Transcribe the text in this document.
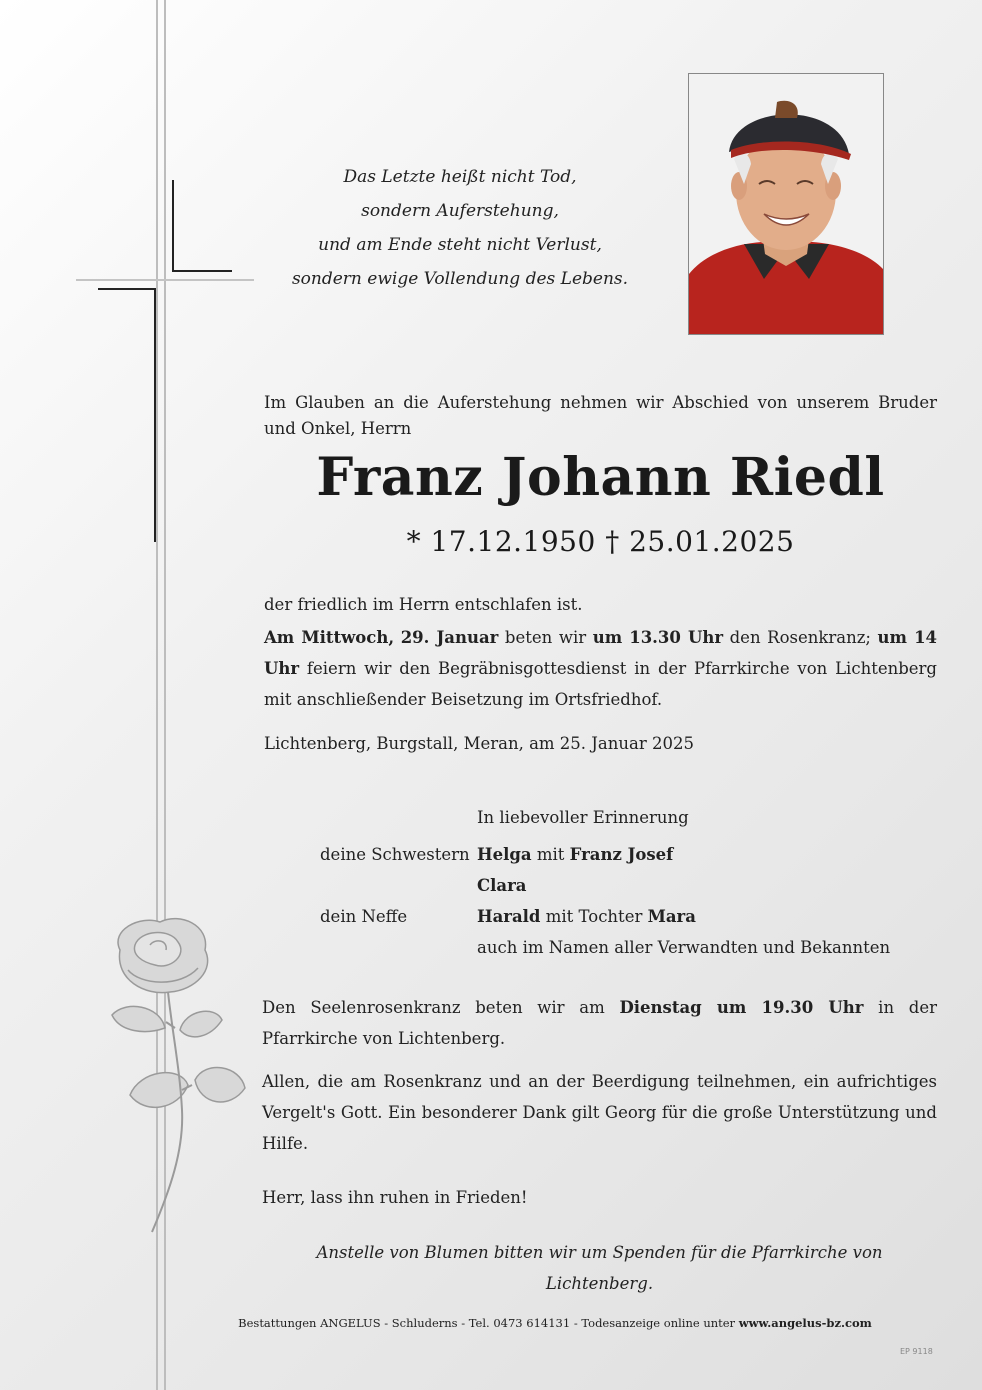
Das Letzte heißt nicht Tod,
sondern Auferstehung,
und am Ende steht nicht Verlust,
sondern ewige Vollendung des Lebens.
Im Glauben an die Auferstehung nehmen wir Abschied von unserem Bruder und Onkel, Herrn
Franz Johann Riedl
* 17.12.1950 † 25.01.2025
der friedlich im Herrn entschlafen ist.
Am Mittwoch, 29. Januar beten wir um 13.30 Uhr den Rosenkranz; um 14 Uhr feiern wir den Begräbnisgottesdienst in der Pfarrkirche von Lichtenberg mit anschließender Beisetzung im Ortsfriedhof.
Lichtenberg, Burgstall, Meran, am 25. Januar 2025
In liebevoller Erinnerung
deine Schwestern Helga mit Franz Josef
Clara
dein Neffe	Harald mit Tochter Mara
auch im Namen aller Verwandten und Bekannten
Den Seelenrosenkranz beten wir am Dienstag um 19.30 Uhr in der Pfarrkirche von Lichtenberg.
Allen, die am Rosenkranz und an der Beerdigung teilnehmen, ein aufrichtiges Vergelt's Gott. Ein besonderer Dank gilt Georg für die große Unterstützung und Hilfe.
Herr, lass ihn ruhen in Frieden!
Anstelle von Blumen bitten wir um Spenden für die Pfarrkirche von Lichtenberg.
Bestattungen ANGELUS - Schluderns - Tel. 0473 614131 - Todesanzeige online unter www.angelus-bz.com
EP 9118
